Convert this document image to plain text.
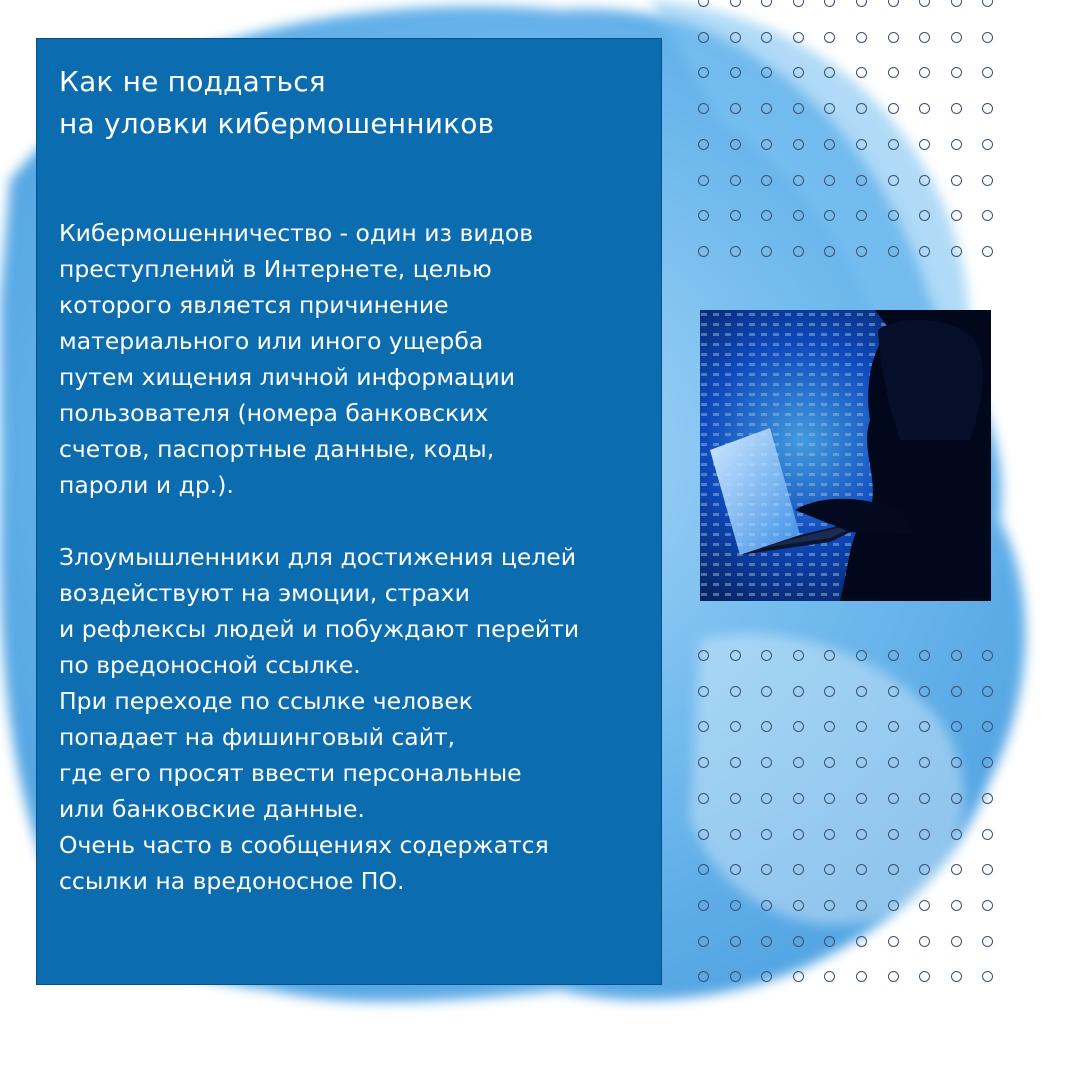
Как не поддаться
на уловки кибермошенников
Кибермошенничество - один из видов
преступлений в Интернете, целью
которого является причинение
материального или иного ущерба
путем хищения личной информации
пользователя (номера банковских
счетов, паспортные данные, коды,
пароли и др.).
Злоумышленники для достижения целей
воздействуют на эмоции, страхи
и рефлексы людей и побуждают перейти
по вредоносной ссылке.
При переходе по ссылке человек
попадает на фишинговый сайт,
где его просят ввести персональные
или банковские данные.
Очень часто в сообщениях содержатся
ссылки на вредоносное ПО.
